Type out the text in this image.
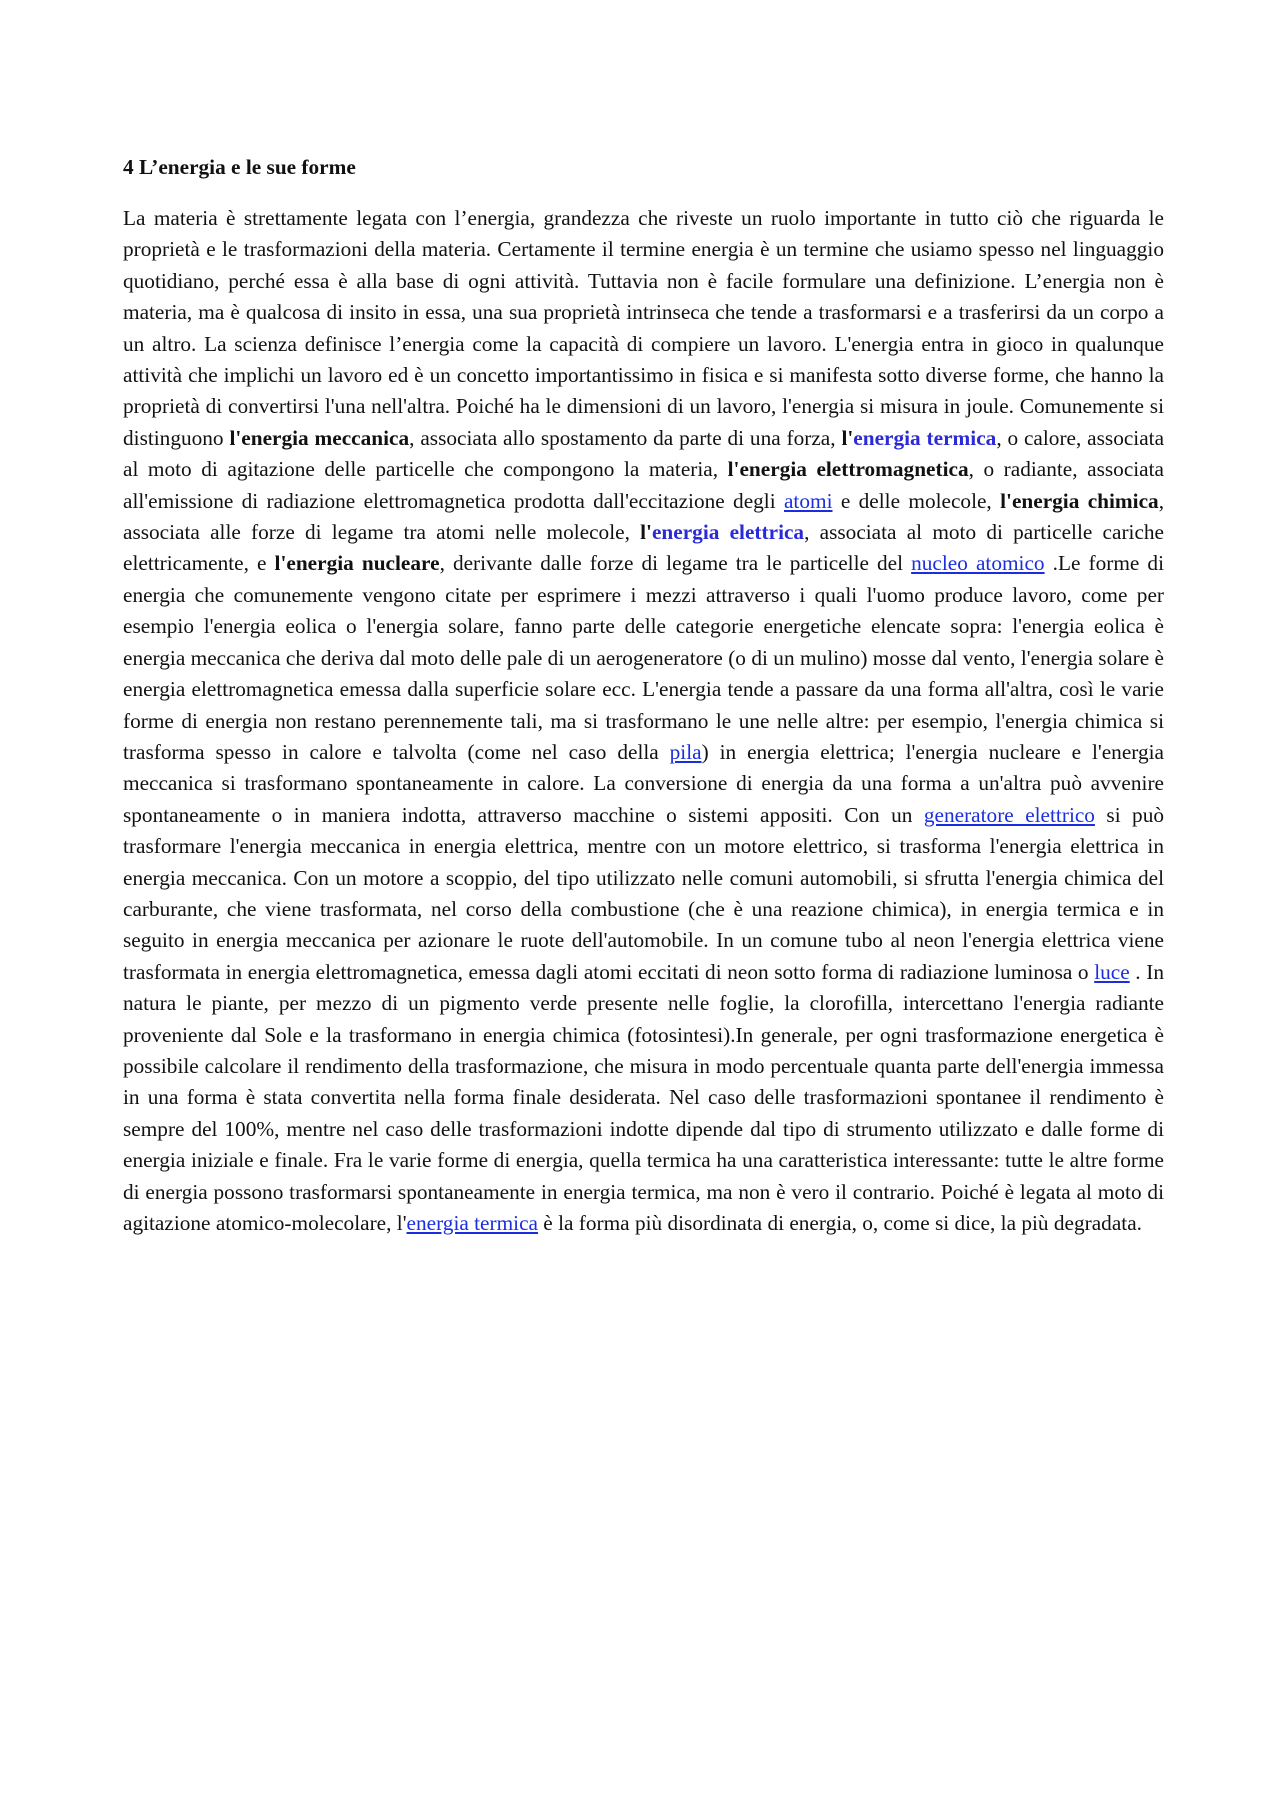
4 L’energia e le sue forme

La materia è strettamente legata con l’energia, grandezza che riveste un ruolo importante in tutto ciò che riguarda le proprietà e le trasformazioni della materia. Certamente il termine energia è un termine che usiamo spesso nel linguaggio quotidiano, perché essa è alla base di ogni attività. Tuttavia non è facile formulare una definizione. L’energia non è materia, ma è qualcosa di insito in essa, una sua proprietà intrinseca che tende a trasformarsi e a trasferirsi da un corpo a un altro. La scienza definisce l’energia come la capacità di compiere un lavoro. L'energia entra in gioco in qualunque attività che implichi un lavoro ed è un concetto importantissimo in fisica e si manifesta sotto diverse forme, che hanno la proprietà di convertirsi l'una nell'altra. Poiché ha le dimensioni di un lavoro, l'energia si misura in joule. Comunemente si distinguono l'energia meccanica, associata allo spostamento da parte di una forza, l'energia termica, o calore, associata al moto di agitazione delle particelle che compongono la materia, l'energia elettromagnetica, o radiante, associata all'emissione di radiazione elettromagnetica prodotta dall'eccitazione degli atomi e delle molecole, l'energia chimica, associata alle forze di legame tra atomi nelle molecole, l'energia elettrica, associata al moto di particelle cariche elettricamente, e l'energia nucleare, derivante dalle forze di legame tra le particelle del nucleo atomico .Le forme di energia che comunemente vengono citate per esprimere i mezzi attraverso i quali l'uomo produce lavoro, come per esempio l'energia eolica o l'energia solare, fanno parte delle categorie energetiche elencate sopra: l'energia eolica è energia meccanica che deriva dal moto delle pale di un aerogeneratore (o di un mulino) mosse dal vento, l'energia solare è energia elettromagnetica emessa dalla superficie solare ecc. L'energia tende a passare da una forma all'altra, così le varie forme di energia non restano perennemente tali, ma si trasformano le une nelle altre: per esempio, l'energia chimica si trasforma spesso in calore e talvolta (come nel caso della pila) in energia elettrica; l'energia nucleare e l'energia meccanica si trasformano spontaneamente in calore. La conversione di energia da una forma a un'altra può avvenire spontaneamente o in maniera indotta, attraverso macchine o sistemi appositi. Con un generatore elettrico si può trasformare l'energia meccanica in energia elettrica, mentre con un motore elettrico, si trasforma l'energia elettrica in energia meccanica. Con un motore a scoppio, del tipo utilizzato nelle comuni automobili, si sfrutta l'energia chimica del carburante, che viene trasformata, nel corso della combustione (che è una reazione chimica), in energia termica e in seguito in energia meccanica per azionare le ruote dell'automobile. In un comune tubo al neon l'energia elettrica viene trasformata in energia elettromagnetica, emessa dagli atomi eccitati di neon sotto forma di radiazione luminosa o luce . In natura le piante, per mezzo di un pigmento verde presente nelle foglie, la clorofilla, intercettano l'energia radiante proveniente dal Sole e la trasformano in energia chimica (fotosintesi).In generale, per ogni trasformazione energetica è possibile calcolare il rendimento della trasformazione, che misura in modo percentuale quanta parte dell'energia immessa in una forma è stata convertita nella forma finale desiderata. Nel caso delle trasformazioni spontanee il rendimento è sempre del 100%, mentre nel caso delle trasformazioni indotte dipende dal tipo di strumento utilizzato e dalle forme di energia iniziale e finale. Fra le varie forme di energia, quella termica ha una caratteristica interessante: tutte le altre forme di energia possono trasformarsi spontaneamente in energia termica, ma non è vero il contrario. Poiché è legata al moto di agitazione atomico-molecolare, l'energia termica è la forma più disordinata di energia, o, come si dice, la più degradata.
